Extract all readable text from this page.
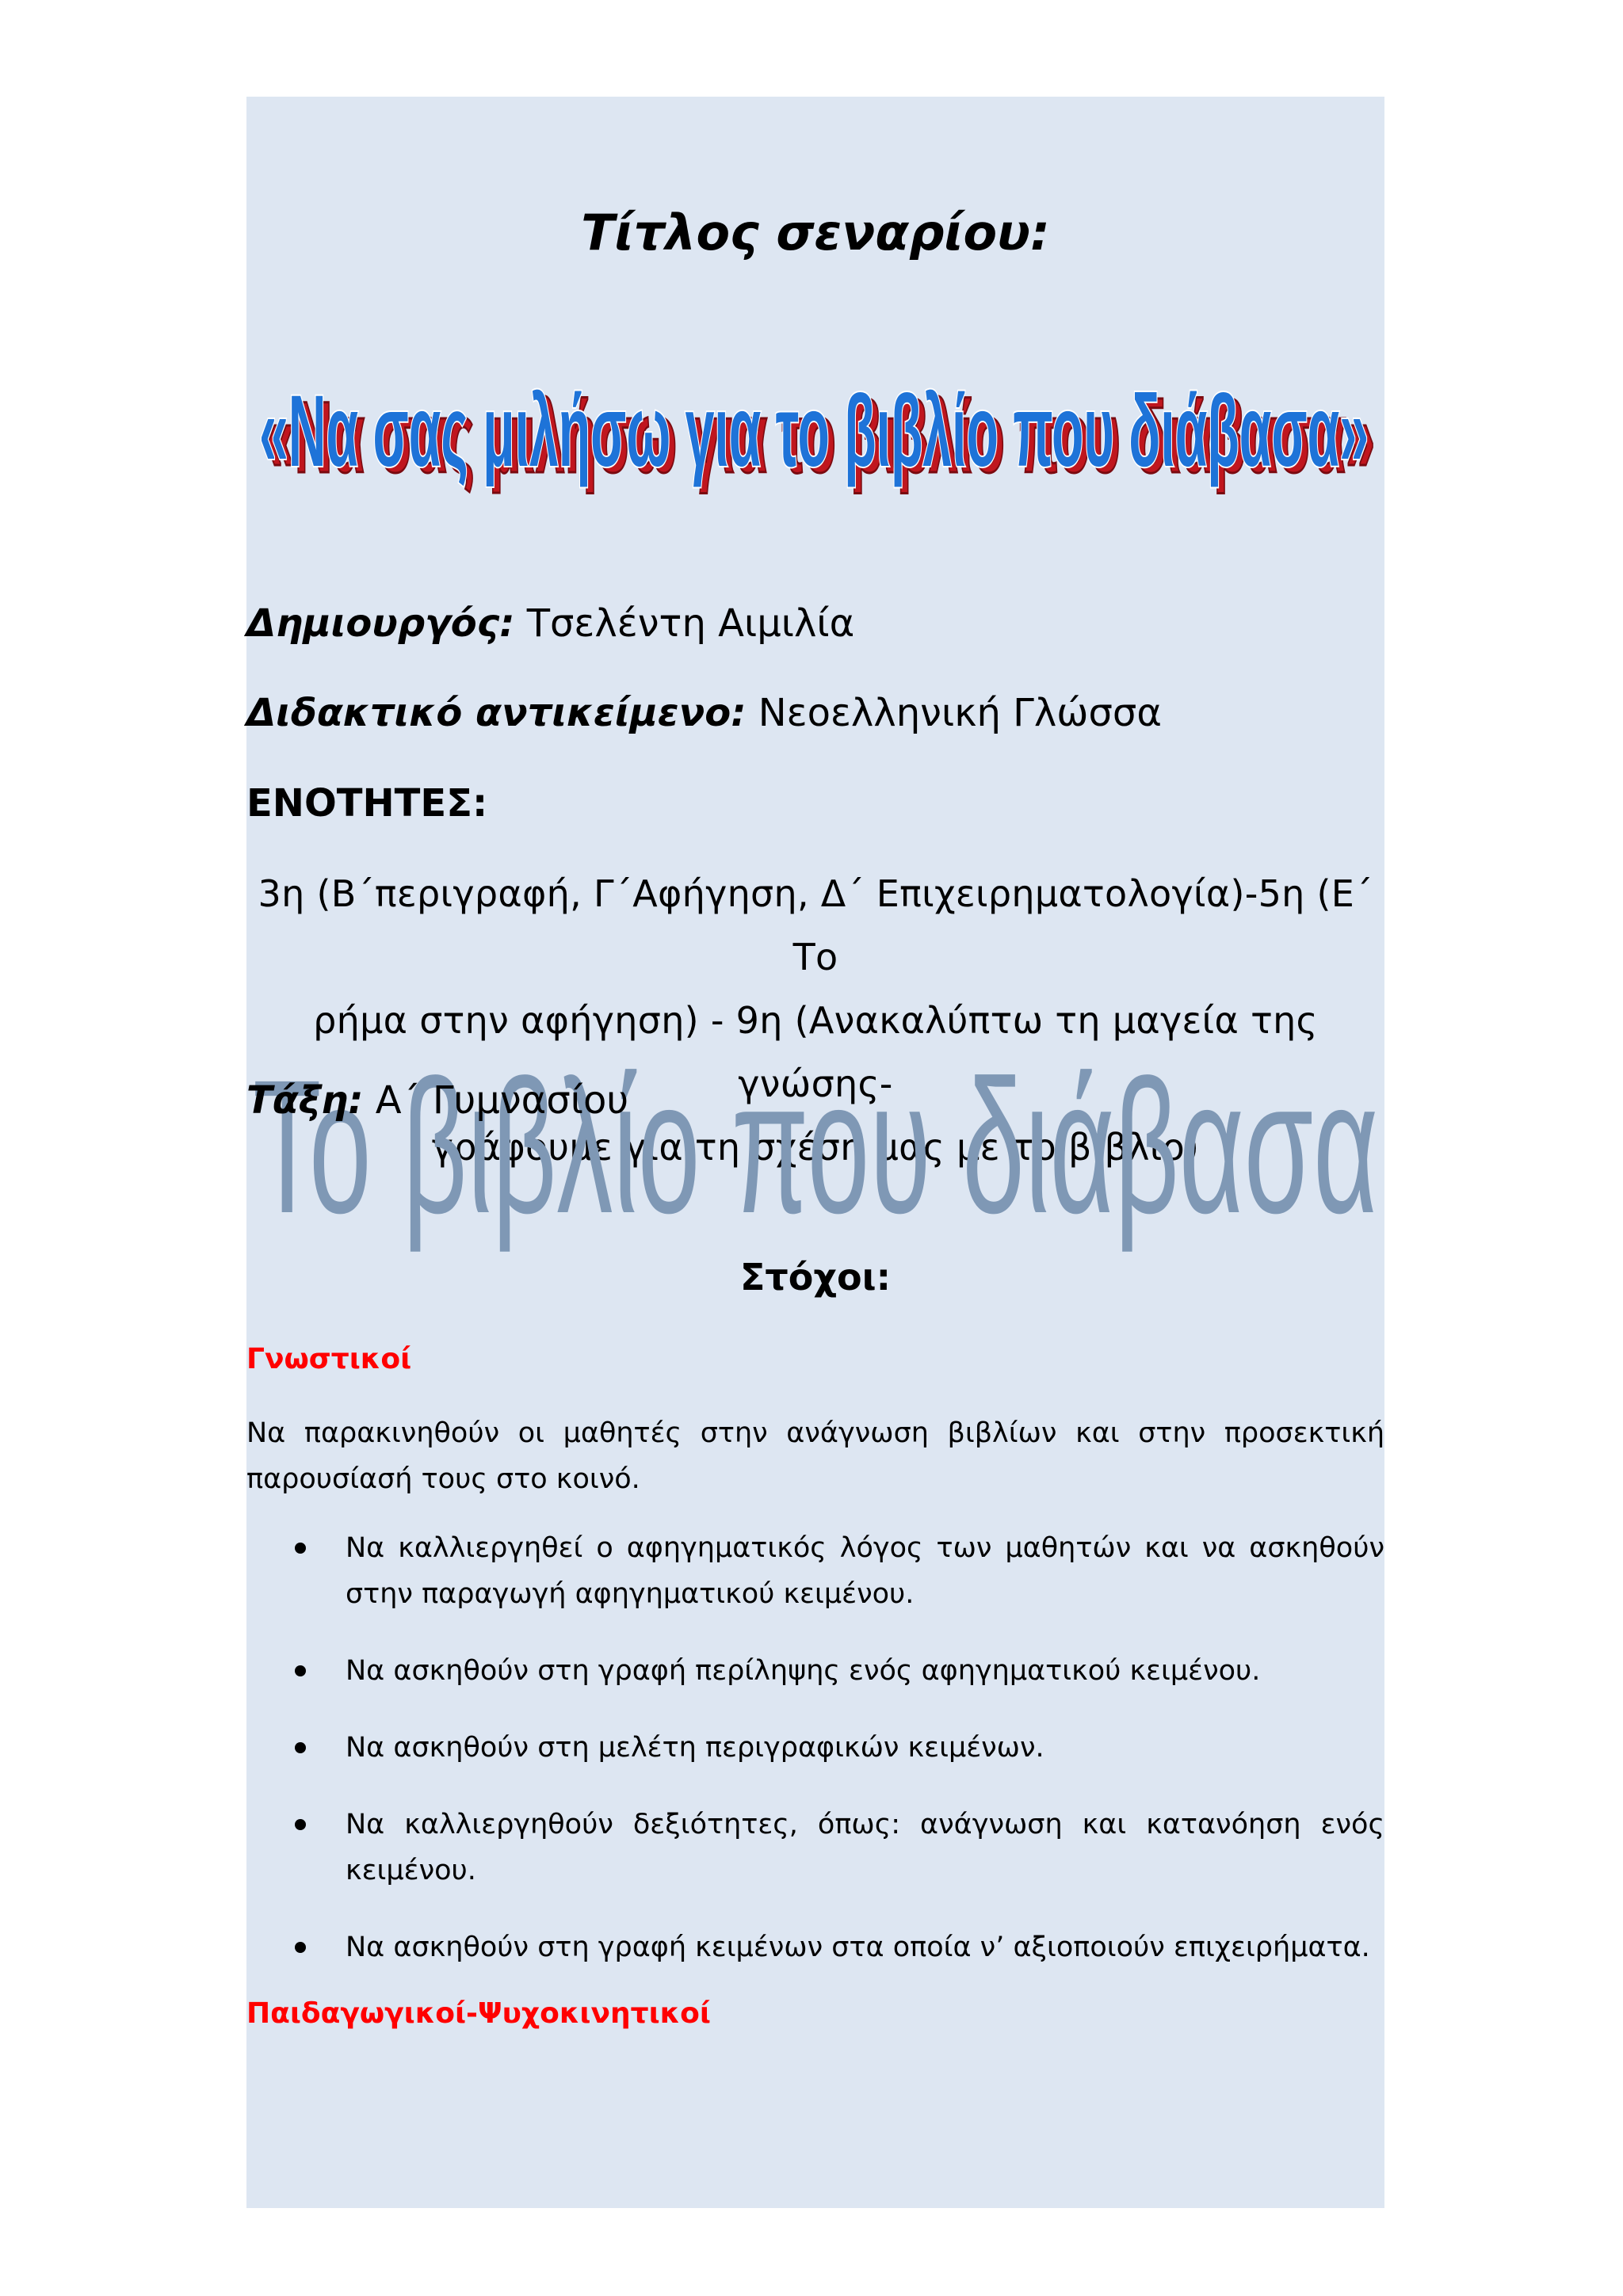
Τίτλος σεναρίου:
«Να σας μιλήσω για το βιβλίο που διάβασα»
«Να σας μιλήσω για το βιβλίο που διάβασα»

Δημιουργός: Τσελέντη Αιμιλία

Διδακτικό αντικείμενο: Νεοελληνική Γλώσσα

ΕΝΟΤΗΤΕΣ:

3η (Β΄περιγραφή, Γ΄Αφήγηση, Δ΄ Επιχειρηματολογία)-5η (Ε΄ Το
ρήμα στην αφήγηση) - 9η (Ανακαλύπτω τη μαγεία της γνώσης-
γράφουμε για τη σχέση μας με το βιβλίο)
Το βιβλίο που διάβασα

Τάξη: Α΄ Γυμνασίου

Στόχοι:
Γνωστικοί

Να παρακινηθούν οι μαθητές στην ανάγνωση βιβλίων και στην προσεκτική παρουσίασή τους στο κοινό.

Να καλλιεργηθεί ο αφηγηματικός λόγος των μαθητών και να ασκηθούν στην παραγωγή αφηγηματικού κειμένου.
Να ασκηθούν στη γραφή περίληψης ενός αφηγηματικού κειμένου.
Να ασκηθούν στη μελέτη περιγραφικών κειμένων.
Να καλλιεργηθούν δεξιότητες, όπως: ανάγνωση και κατανόηση ενός κειμένου.
Να ασκηθούν στη γραφή κειμένων στα οποία ν’ αξιοποιούν επιχειρήματα.
Παιδαγωγικοί-Ψυχοκινητικοί
